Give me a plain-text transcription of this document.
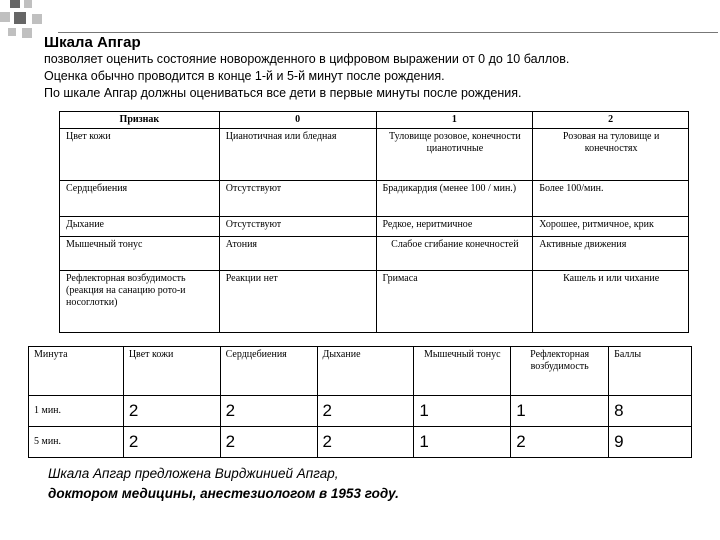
Шкала Апгар
позволяет оценить состояние новорожденного в цифровом выражении от 0 до 10 баллов.
Оценка обычно проводится в конце 1-й и 5-й минут после рождения.
По шкале Апгар должны оцениваться все дети в первые минуты после рождения.
Признак	0	1	2
Цвет кожи	Цианотичная или бледная	Туловище розовое, конечности цианотичные	Розовая на туловище и конечностях
Сердцебиения	Отсутствуют	Брадикардия (менее 100 / мин.)	Более 100/мин.
Дыхание	Отсутствуют	Редкое, неритмичное	Хорошее, ритмичное, крик
Мышечный тонус	Атония	Слабое сгибание конечностей	Активные движения
Рефлекторная возбудимость (реакция на санацию рото-и носоглотки)	Реакции нет	Гримаса	Кашель и или чихание
Минута	Цвет кожи	Сердцебиения	Дыхание	Мышечный тонус	Рефлекторная возбудимость	Баллы
1 мин.	2	2	2	1	1	8
5 мин.	2	2	2	1	2	9
Шкала Апгар предложена Вирджинией Апгар,
доктором медицины, анестезиологом в 1953 году.
